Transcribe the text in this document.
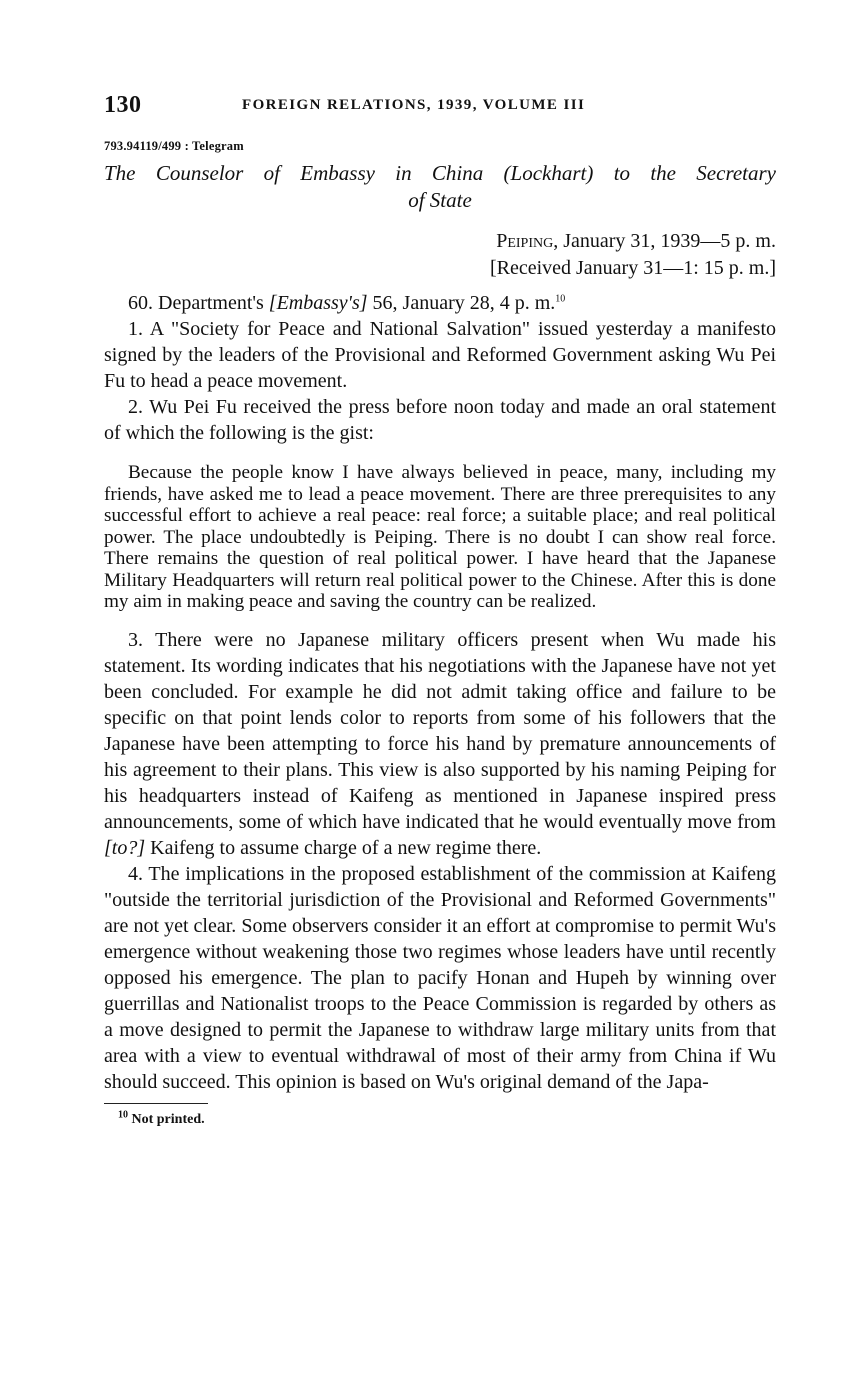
130	FOREIGN RELATIONS, 1939, VOLUME III
793.94119/499 : Telegram
The Counselor of Embassy in China (Lockhart) to the Secretary
of State
Peiping, January 31, 1939—5 p. m.
[Received January 31—1: 15 p. m.]

60. Department's [Embassy's] 56, January 28, 4 p. m.$^{10}$

1. A "Society for Peace and National Salvation" issued yesterday a manifesto signed by the leaders of the Provisional and Reformed Government asking Wu Pei Fu to head a peace movement.

2. Wu Pei Fu received the press before noon today and made an oral statement of which the following is the gist:

Because the people know I have always believed in peace, many, including my friends, have asked me to lead a peace movement. There are three prerequisites to any successful effort to achieve a real peace: real force; a suitable place; and real political power. The place undoubtedly is Peiping. There is no doubt I can show real force. There remains the question of real political power. I have heard that the Japanese Military Headquarters will return real political power to the Chinese. After this is done my aim in making peace and saving the country can be realized.

3. There were no Japanese military officers present when Wu made his statement. Its wording indicates that his negotiations with the Japanese have not yet been concluded. For example he did not admit taking office and failure to be specific on that point lends color to reports from some of his followers that the Japanese have been attempting to force his hand by premature announcements of his agreement to their plans. This view is also supported by his naming Peiping for his headquarters instead of Kaifeng as mentioned in Japanese inspired press announcements, some of which have indicated that he would eventually move from [to?] Kaifeng to assume charge of a new regime there.

4. The implications in the proposed establishment of the commission at Kaifeng "outside the territorial jurisdiction of the Provisional and Reformed Governments" are not yet clear. Some observers consider it an effort at compromise to permit Wu's emergence without weakening those two regimes whose leaders have until recently opposed his emergence. The plan to pacify Honan and Hupeh by winning over guerrillas and Nationalist troops to the Peace Commission is regarded by others as a move designed to permit the Japanese to withdraw large military units from that area with a view to eventual withdrawal of most of their army from China if Wu should succeed. This opinion is based on Wu's original demand of the Japa-

$^{10}$ Not printed.
